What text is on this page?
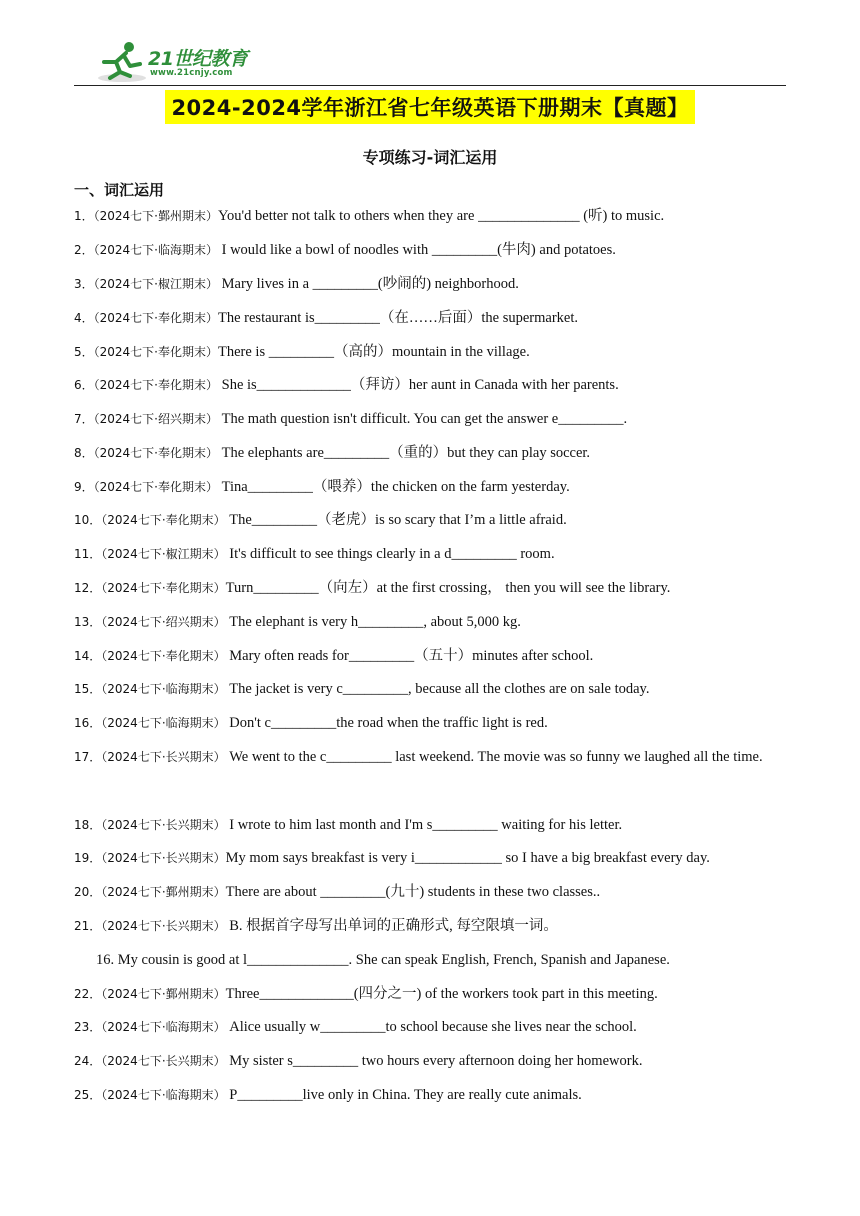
21世纪教育
www.21cnjy.com
2024-2024学年浙江省七年级英语下册期末【真题】
专项练习-词汇运用
一、词汇运用
1．（2024七下·鄞州期末）You'd better not talk to others when they are ______________ (听) to music.
2．（2024七下·临海期末） I would like a bowl of noodles with _________(牛肉) and potatoes.
3．（2024七下·椒江期末） Mary lives in a _________(吵闹的) neighborhood.
4．（2024七下·奉化期末）The restaurant is_________（在……后面）the supermarket.
5．（2024七下·奉化期末）There is _________（高的）mountain in the village.
6．（2024七下·奉化期末） She is_____________（拜访）her aunt in Canada with her parents.
7．（2024七下·绍兴期末） The math question isn't difficult. You can get the answer e_________.
8．（2024七下·奉化期末） The elephants are_________（重的）but they can play soccer.
9．（2024七下·奉化期末） Tina_________（喂养）the chicken on the farm yesterday.
10．（2024七下·奉化期末） The_________（老虎）is so scary that I’m a little afraid.
11．（2024七下·椒江期末） It's difficult to see things clearly in a d_________ room.
12．（2024七下·奉化期末）Turn_________（向左）at the first crossing， then you will see the library.
13．（2024七下·绍兴期末） The elephant is very h_________, about 5,000 kg.
14．（2024七下·奉化期末） Mary often reads for_________（五十）minutes after school.
15．（2024七下·临海期末） The jacket is very c_________, because all the clothes are on sale today.
16．（2024七下·临海期末） Don't c_________the road when the traffic light is red.
17．（2024七下·长兴期末） We went to the c_________ last weekend. The movie was so funny we laughed all the time.
18．（2024七下·长兴期末） I wrote to him last month and I'm s_________ waiting for his letter.
19．（2024七下·长兴期末）My mom says breakfast is very i____________ so I have a big breakfast every day.
20．（2024七下·鄞州期末）There are about _________(九十) students in these two classes..
21．（2024七下·长兴期末） B. 根据首字母写出单词的正确形式, 每空限填一词。
16. My cousin is good at l______________. She can speak English, French, Spanish and Japanese.
22．（2024七下·鄞州期末）Three_____________(四分之一) of the workers took part in this meeting.
23．（2024七下·临海期末） Alice usually w_________to school because she lives near the school.
24．（2024七下·长兴期末） My sister s_________ two hours every afternoon doing her homework.
25．（2024七下·临海期末） P_________live only in China. They are really cute animals.
